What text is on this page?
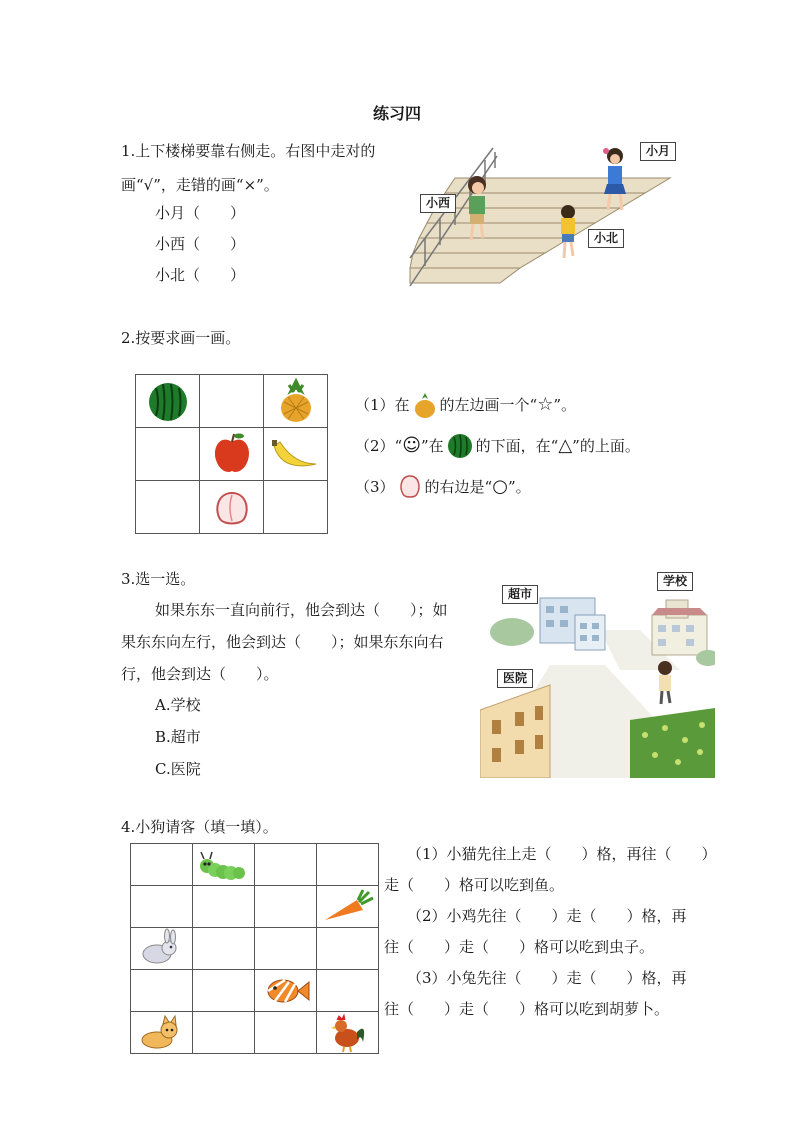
练习四
1.上下楼梯要靠右侧走。右图中走对的
画“√”，走错的画“×”。
小月（　　）
小西（　　）
小北（　　）
小月
小西
小北
2.按要求画一画。

（1）在 的左边画一个“ ☆ ”。
（2）“ ☺ ”在 的下面，在“ △ ”的上面。
（3） 的右边是“ ○ ”。
3.选一选。
如果东东一直向前行，他会到达（　　）；如
果东东向左行，他会到达（　　）；如果东东向右
行，他会到达（　　）。
A.学校
B.超市
C.医院
超市
学校
医院
4.小狗请客（填一填）。

（1）小猫先往上走（　　）格，再往（　　）
走（　　）格可以吃到鱼。
（2）小鸡先往（　　）走（　　）格，再
往（　　）走（　　）格可以吃到虫子。
（3）小兔先往（　　）走（　　）格，再
往（　　）走（　　）格可以吃到胡萝卜。
